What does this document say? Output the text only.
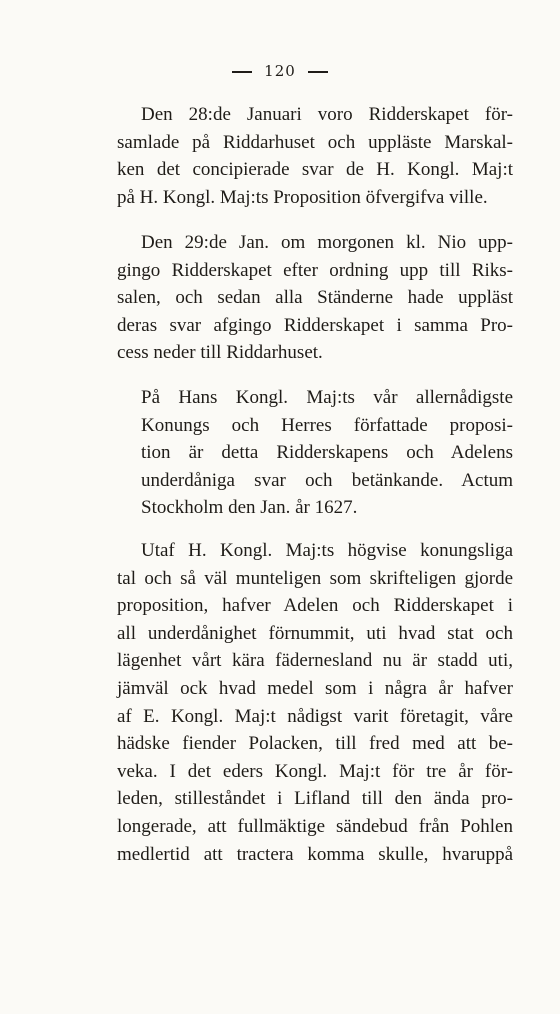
120
Den 28:de Januari voro Ridderskapet för-
samlade på Riddarhuset och uppläste Marskal-
ken det concipierade svar de H. Kongl. Maj:t
på H. Kongl. Maj:ts Proposition öfvergifva ville.
Den 29:de Jan. om morgonen kl. Nio upp-
gingo Ridderskapet efter ordning upp till Riks-
salen, och sedan alla Ständerne hade uppläst
deras svar afgingo Ridderskapet i samma Pro-
cess neder till Riddarhuset.
På Hans Kongl. Maj:ts vår allernådigste
Konungs och Herres författade proposi-
tion är detta Ridderskapens och Adelens
underdåniga svar och betänkande. Actum
Stockholm den Jan. år 1627.
Utaf H. Kongl. Maj:ts högvise konungsliga
tal och så väl munteligen som skrifteligen gjorde
proposition, hafver Adelen och Ridderskapet i
all underdånighet förnummit, uti hvad stat och
lägenhet vårt kära fädernesland nu är stadd uti,
jämväl ock hvad medel som i några år hafver
af E. Kongl. Maj:t nådigst varit företagit, våre
hädske fiender Polacken, till fred med att be-
veka. I det eders Kongl. Maj:t för tre år för-
leden, stilleståndet i Lifland till den ända pro-
longerade, att fullmäktige sändebud från Pohlen
medlertid att tractera komma skulle, hvaruppå
